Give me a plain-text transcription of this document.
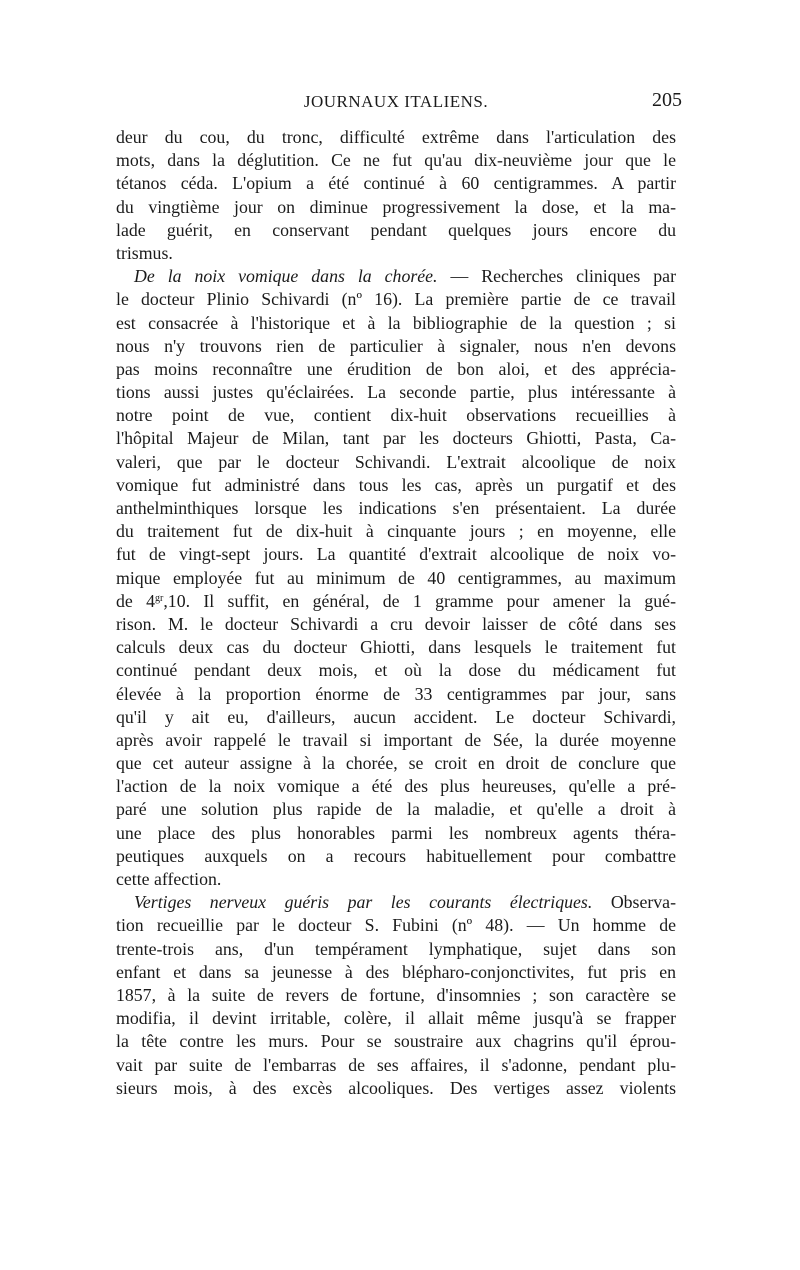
JOURNAUX ITALIENS.	205
deur du cou, du tronc, difficulté extrême dans l'articulation des
mots, dans la déglutition. Ce ne fut qu'au dix-neuvième jour que le
tétanos céda. L'opium a été continué à 60 centigrammes. A partir
du vingtième jour on diminue progressivement la dose, et la ma-
lade guérit, en conservant pendant quelques jours encore du
trismus.
De la noix vomique dans la chorée. — Recherches cliniques par
le docteur Plinio Schivardi (nº 16). La première partie de ce travail
est consacrée à l'historique et à la bibliographie de la question ; si
nous n'y trouvons rien de particulier à signaler, nous n'en devons
pas moins reconnaître une érudition de bon aloi, et des apprécia-
tions aussi justes qu'éclairées. La seconde partie, plus intéressante à
notre point de vue, contient dix-huit observations recueillies à
l'hôpital Majeur de Milan, tant par les docteurs Ghiotti, Pasta, Ca-
valeri, que par le docteur Schivandi. L'extrait alcoolique de noix
vomique fut administré dans tous les cas, après un purgatif et des
anthelminthiques lorsque les indications s'en présentaient. La durée
du traitement fut de dix-huit à cinquante jours ; en moyenne, elle
fut de vingt-sept jours. La quantité d'extrait alcoolique de noix vo-
mique employée fut au minimum de 40 centigrammes, au maximum
de $4^{gr},10$. Il suffit, en général, de 1 gramme pour amener la gué-
rison. M. le docteur Schivardi a cru devoir laisser de côté dans ses
calculs deux cas du docteur Ghiotti, dans lesquels le traitement fut
continué pendant deux mois, et où la dose du médicament fut
élevée à la proportion énorme de 33 centigrammes par jour, sans
qu'il y ait eu, d'ailleurs, aucun accident. Le docteur Schivardi,
après avoir rappelé le travail si important de Sée, la durée moyenne
que cet auteur assigne à la chorée, se croit en droit de conclure que
l'action de la noix vomique a été des plus heureuses, qu'elle a pré-
paré une solution plus rapide de la maladie, et qu'elle a droit à
une place des plus honorables parmi les nombreux agents théra-
peutiques auxquels on a recours habituellement pour combattre
cette affection.
Vertiges nerveux guéris par les courants électriques. Observa-
tion recueillie par le docteur S. Fubini (nº 48). — Un homme de
trente-trois ans, d'un tempérament lymphatique, sujet dans son
enfant et dans sa jeunesse à des blépharo-conjonctivites, fut pris en
1857, à la suite de revers de fortune, d'insomnies ; son caractère se
modifia, il devint irritable, colère, il allait même jusqu'à se frapper
la tête contre les murs. Pour se soustraire aux chagrins qu'il éprou-
vait par suite de l'embarras de ses affaires, il s'adonne, pendant plu-
sieurs mois, à des excès alcooliques. Des vertiges assez violents
